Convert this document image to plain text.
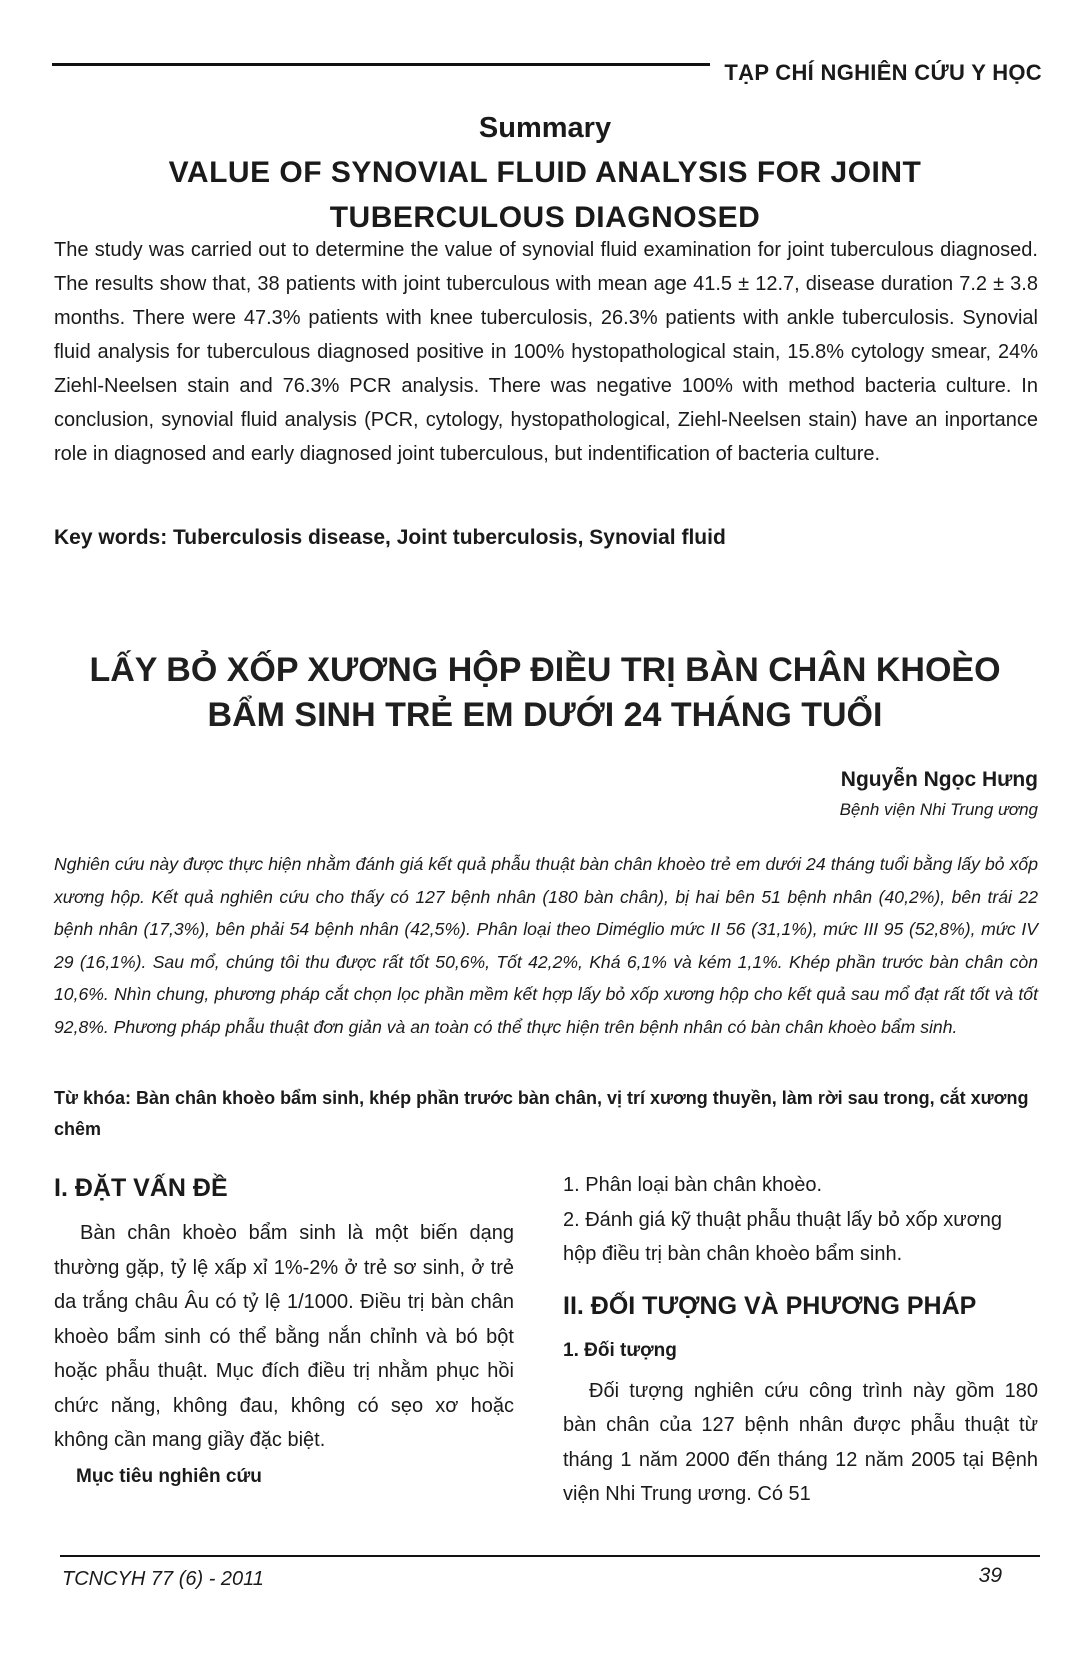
TẠP CHÍ NGHIÊN CỨU Y HỌC
Summary
VALUE OF SYNOVIAL FLUID ANALYSIS FOR JOINT
TUBERCULOUS DIAGNOSED

The study was carried out to determine the value of synovial fluid examination for joint tuberculous diagnosed. The results show that, 38 patients with joint tuberculous with mean age 41.5 ± 12.7, disease duration 7.2 ± 3.8 months. There were 47.3% patients with knee tuberculosis, 26.3% patients with ankle tuberculosis. Synovial fluid analysis for tuberculous diagnosed positive in 100% hystopathological stain, 15.8% cytology smear, 24% Ziehl-Neelsen stain and 76.3% PCR analysis. There was negative 100% with method bacteria culture. In conclusion, synovial fluid analysis (PCR, cytology, hystopathological, Ziehl-Neelsen stain) have an inportance role in diagnosed and early diagnosed joint tuberculous, but indentification of bacteria culture.

Key words: Tuberculosis disease, Joint tuberculosis, Synovial fluid

LẤY BỎ XỐP XƯƠNG HỘP ĐIỀU TRỊ BÀN CHÂN KHOÈO
BẨM SINH TRẺ EM DƯỚI 24 THÁNG TUỔI
Nguyễn Ngọc Hưng
Bệnh viện Nhi Trung ương

Nghiên cứu này được thực hiện nhằm đánh giá kết quả phẫu thuật bàn chân khoèo trẻ em dưới 24 tháng tuổi bằng lấy bỏ xốp xương hộp. Kết quả nghiên cứu cho thấy có 127 bệnh nhân (180 bàn chân), bị hai bên 51 bệnh nhân (40,2%), bên trái 22 bệnh nhân (17,3%), bên phải 54 bệnh nhân (42,5%). Phân loại theo Diméglio mức II 56 (31,1%), mức III 95 (52,8%), mức IV 29 (16,1%). Sau mổ, chúng tôi thu được rất tốt 50,6%, Tốt 42,2%, Khá 6,1% và kém 1,1%. Khép phần trước bàn chân còn 10,6%. Nhìn chung, phương pháp cắt chọn lọc phần mềm kết hợp lấy bỏ xốp xương hộp cho kết quả sau mổ đạt rất tốt và tốt 92,8%. Phương pháp phẫu thuật đơn giản và an toàn có thể thực hiện trên bệnh nhân có bàn chân khoèo bẩm sinh.

Từ khóa: Bàn chân khoèo bẩm sinh, khép phần trước bàn chân, vị trí xương thuyền, làm rời sau trong, cắt xương chêm

I. ĐẶT VẤN ĐỀ

Bàn chân khoèo bẩm sinh là một biến dạng thường gặp, tỷ lệ xấp xỉ 1%-2% ở trẻ sơ sinh, ở trẻ da trắng châu Âu có tỷ lệ 1/1000. Điều trị bàn chân khoèo bẩm sinh có thể bằng nắn chỉnh và bó bột hoặc phẫu thuật. Mục đích điều trị nhằm phục hồi chức năng, không đau, không có sẹo xơ hoặc không cần mang giầy đặc biệt.

Mục tiêu nghiên cứu

1. Phân loại bàn chân khoèo.

2. Đánh giá kỹ thuật phẫu thuật lấy bỏ xốp xương hộp điều trị bàn chân khoèo bẩm sinh.

II. ĐỐI TƯỢNG VÀ PHƯƠNG PHÁP

1. Đối tượng

Đối tượng nghiên cứu công trình này gồm 180 bàn chân của 127 bệnh nhân được phẫu thuật từ tháng 1 năm 2000 đến tháng 12 năm 2005 tại Bệnh viện Nhi Trung ương. Có 51

TCNCYH 77 (6) - 2011	39
